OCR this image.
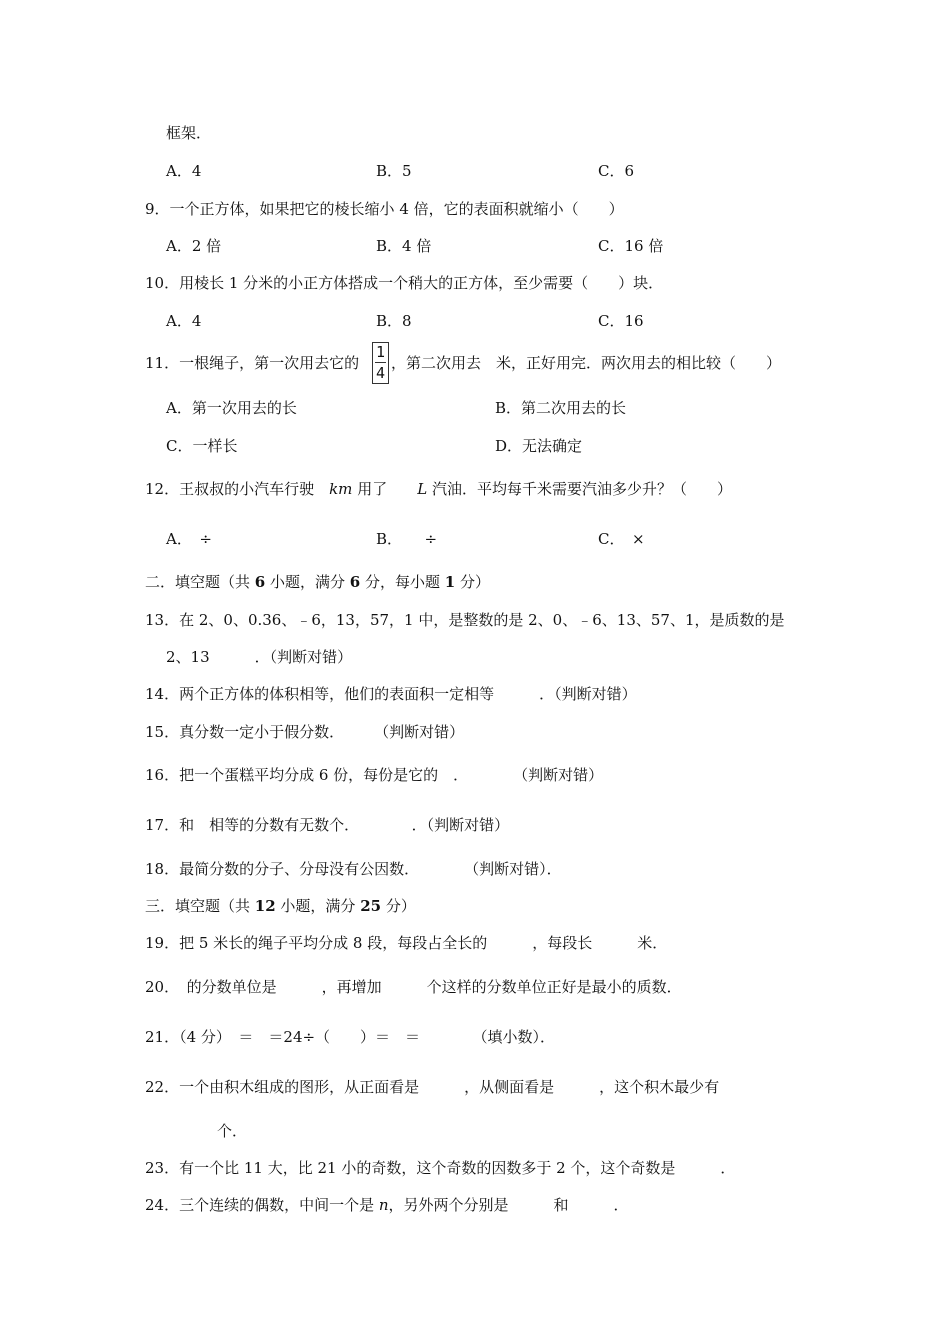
框架．
A．4	B．5	C．6
9．一个正方体，如果把它的棱长缩小 4 倍，它的表面积就缩小（　　）
A．2 倍	B．4 倍	C．16 倍
10．用棱长 1 分米的小正方体搭成一个稍大的正方体，至少需要（　　）块．
A．4	B．8	C．16
11．一根绳子，第一次用去它的
1
4
，第二次用去　米，正好用完．两次用去的相比较（　　）
A．第一次用去的长	B．第二次用去的长
C．一样长	D．无法确定
12．王叔叔的小汽车行驶　km 用了　　L 汽油．平均每千米需要汽油多少升？（　　）
A．　÷	B．　　÷	C．　×
二．填空题（共 6 小题，满分 6 分，每小题 1 分）
13．在 2、0、0.36、﹣6，13，57，1 中，是整数的是 2、0、﹣6、13、57、1，是质数的是
2、13　　　．（判断对错）
14．两个正方体的体积相等，他们的表面积一定相等　　　．（判断对错）
15．真分数一定小于假分数．　　　（判断对错）
16．把一个蛋糕平均分成 6 份，每份是它的　．　　　　（判断对错）
17．和　相等的分数有无数个．　　　　．（判断对错）
18．最简分数的分子、分母没有公因数．　　　　（判断对错）．
三．填空题（共 12 小题，满分 25 分）
19．把 5 米长的绳子平均分成 8 段，每段占全长的　　　，每段长　　　米．
20．　的分数单位是　　　，再增加　　　个这样的分数单位正好是最小的质数．
21．（4 分）　＝　＝24÷（　　）＝　＝　　　　（填小数）．
22．一个由积木组成的图形，从正面看是　　　，从侧面看是　　　，这个积木最少有
个．
23．有一个比 11 大，比 21 小的奇数，这个奇数的因数多于 2 个，这个奇数是　　　．
24．三个连续的偶数，中间一个是 n，另外两个分别是　　　和　　　．
